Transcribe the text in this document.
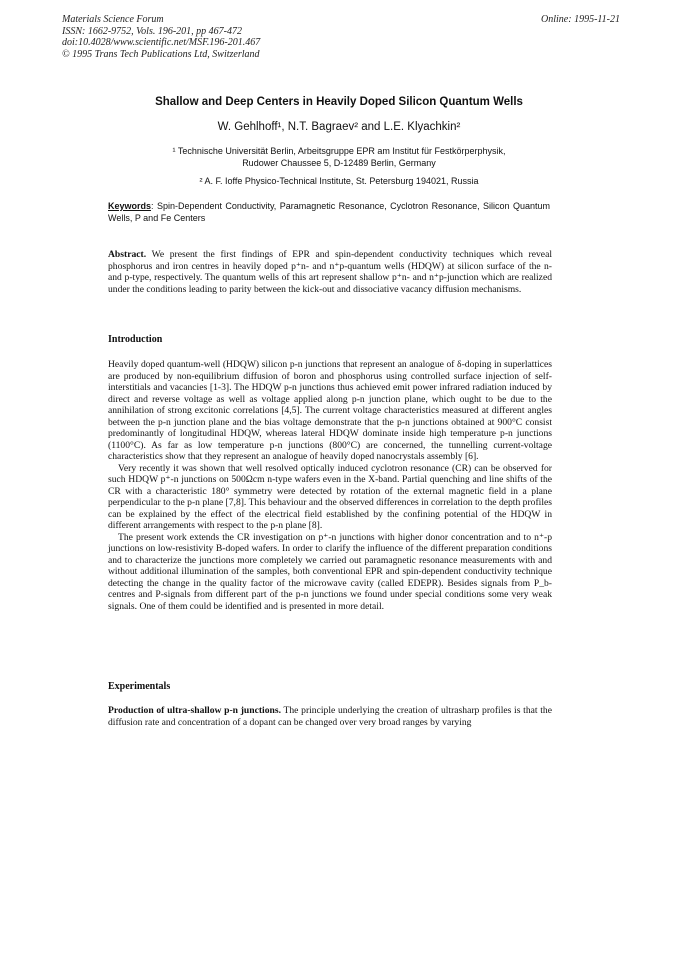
Materials Science Forum
ISSN: 1662-9752, Vols. 196-201, pp 467-472
doi:10.4028/www.scientific.net/MSF.196-201.467
© 1995 Trans Tech Publications Ltd, Switzerland
Online: 1995-11-21
Shallow and Deep Centers in Heavily Doped Silicon Quantum Wells
W. Gehlhoff¹, N.T. Bagraev² and L.E. Klyachkin²
¹ Technische Universität Berlin, Arbeitsgruppe EPR am Institut für Festkörperphysik,
Rudower Chaussee 5, D-12489 Berlin, Germany
² A. F. Ioffe Physico-Technical Institute, St. Petersburg 194021, Russia
Keywords: Spin-Dependent Conductivity, Paramagnetic Resonance, Cyclotron Resonance, Silicon Quantum Wells, P and Fe Centers
Abstract. We present the first findings of EPR and spin-dependent conductivity techniques which reveal phosphorus and iron centres in heavily doped p⁺n- and n⁺p-quantum wells (HDQW) at silicon surface of the n- and p-type, respectively. The quantum wells of this art represent shallow p⁺n- and n⁺p-junction which are realized under the conditions leading to parity between the kick-out and dissociative vacancy diffusion mechanisms.
Introduction

Heavily doped quantum-well (HDQW) silicon p-n junctions that represent an analogue of δ-doping in superlattices are produced by non-equilibrium diffusion of boron and phosphorus using controlled surface injection of self-interstitials and vacancies [1-3]. The HDQW p-n junctions thus achieved emit power infrared radiation induced by direct and reverse voltage as well as voltage applied along p-n junction plane, which ought to be due to the annihilation of strong excitonic correlations [4,5]. The current voltage characteristics measured at different angles between the p-n junction plane and the bias voltage demonstrate that the p-n junctions obtained at 900°C consist predominantly of longitudinal HDQW, whereas lateral HDQW dominate inside high temperature p-n junctions (1100°C). As far as low temperature p-n junctions (800°C) are concerned, the tunnelling current-voltage characteristics show that they represent an analogue of heavily doped nanocrystals assembly [6].

Very recently it was shown that well resolved optically induced cyclotron resonance (CR) can be observed for such HDQW p⁺-n junctions on 500Ωcm n-type wafers even in the X-band. Partial quenching and line shifts of the CR with a characteristic 180° symmetry were detected by rotation of the external magnetic field in a plane perpendicular to the p-n plane [7,8]. This behaviour and the observed differences in correlation to the depth profiles can be explained by the effect of the electrical field established by the confining potential of the HDQW in different arrangements with respect to the p-n plane [8].

The present work extends the CR investigation on p⁺-n junctions with higher donor concentration and to n⁺-p junctions on low-resistivity B-doped wafers. In order to clarify the influence of the different preparation conditions and to characterize the junctions more completely we carried out paramagnetic resonance measurements with and without additional illumination of the samples, both conventional EPR and spin-dependent conductivity technique detecting the change in the quality factor of the microwave cavity (called EDEPR). Besides signals from P_b-centres and P-signals from different part of the p-n junctions we found under special conditions some very weak signals. One of them could be identified and is presented in more detail.

Experimentals

Production of ultra-shallow p-n junctions. The principle underlying the creation of ultrasharp profiles is that the diffusion rate and concentration of a dopant can be changed over very broad ranges by varying
